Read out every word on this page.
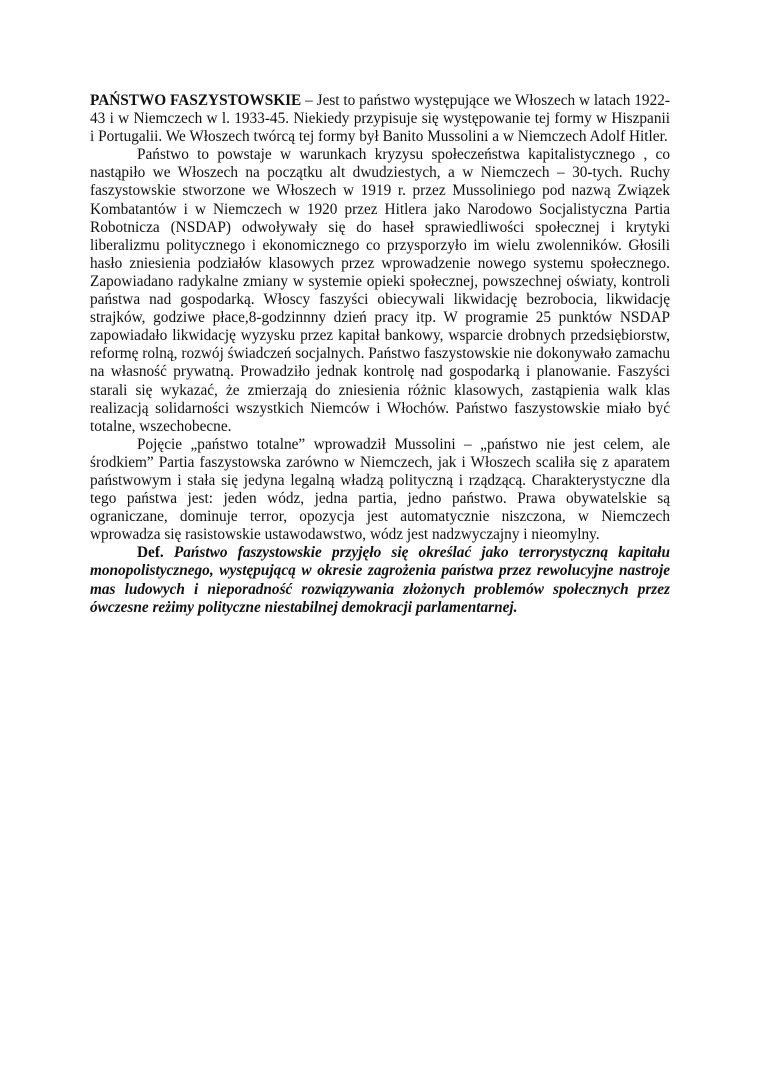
PAŃSTWO FASZYSTOWSKIE – Jest to państwo występujące we Włoszech w latach 1922-43 i w Niemczech w l. 1933-45. Niekiedy przypisuje się występowanie tej formy w Hiszpanii i Portugalii. We Włoszech twórcą tej formy był Banito Mussolini a w Niemczech Adolf Hitler.

Państwo to powstaje w warunkach kryzysu społeczeństwa kapitalistycznego , co nastąpiło we Włoszech na początku alt dwudziestych, a w Niemczech – 30-tych. Ruchy faszystowskie stworzone we Włoszech w 1919 r. przez Mussoliniego pod nazwą Związek Kombatantów i w Niemczech w 1920 przez Hitlera jako Narodowo Socjalistyczna Partia Robotnicza (NSDAP) odwoływały się do haseł sprawiedliwości społecznej i krytyki liberalizmu politycznego i ekonomicznego co przysporzyło im wielu zwolenników. Głosili hasło zniesienia podziałów klasowych przez wprowadzenie nowego systemu społecznego. Zapowiadano radykalne zmiany w systemie opieki społecznej, powszechnej oświaty, kontroli państwa nad gospodarką. Włoscy faszyści obiecywali likwidację bezrobocia, likwidację strajków, godziwe płace,8-godzinnny dzień pracy itp. W programie 25 punktów NSDAP zapowiadało likwidację wyzysku przez kapitał bankowy, wsparcie drobnych przedsiębiorstw, reformę rolną, rozwój świadczeń socjalnych. Państwo faszystowskie nie dokonywało zamachu na własność prywatną. Prowadziło jednak kontrolę nad gospodarką i planowanie. Faszyści starali się wykazać, że zmierzają do zniesienia różnic klasowych, zastąpienia walk klas realizacją solidarności wszystkich Niemców i Włochów. Państwo faszystowskie miało być totalne, wszechobecne.

Pojęcie „państwo totalne” wprowadził Mussolini – „państwo nie jest celem, ale środkiem” Partia faszystowska zarówno w Niemczech, jak i Włoszech scaliła się z aparatem państwowym i stała się jedyna legalną władzą polityczną i rządzącą. Charakterystyczne dla tego państwa jest: jeden wódz, jedna partia, jedno państwo. Prawa obywatelskie są ograniczane, dominuje terror, opozycja jest automatycznie niszczona, w Niemczech wprowadza się rasistowskie ustawodawstwo, wódz jest nadzwyczajny i nieomylny.

Def. Państwo faszystowskie przyjęło się określać jako terrorystyczną kapitału monopolistycznego, występującą w okresie zagrożenia państwa przez rewolucyjne nastroje mas ludowych i nieporadność rozwiązywania złożonych problemów społecznych przez ówczesne reżimy polityczne niestabilnej demokracji parlamentarnej.
